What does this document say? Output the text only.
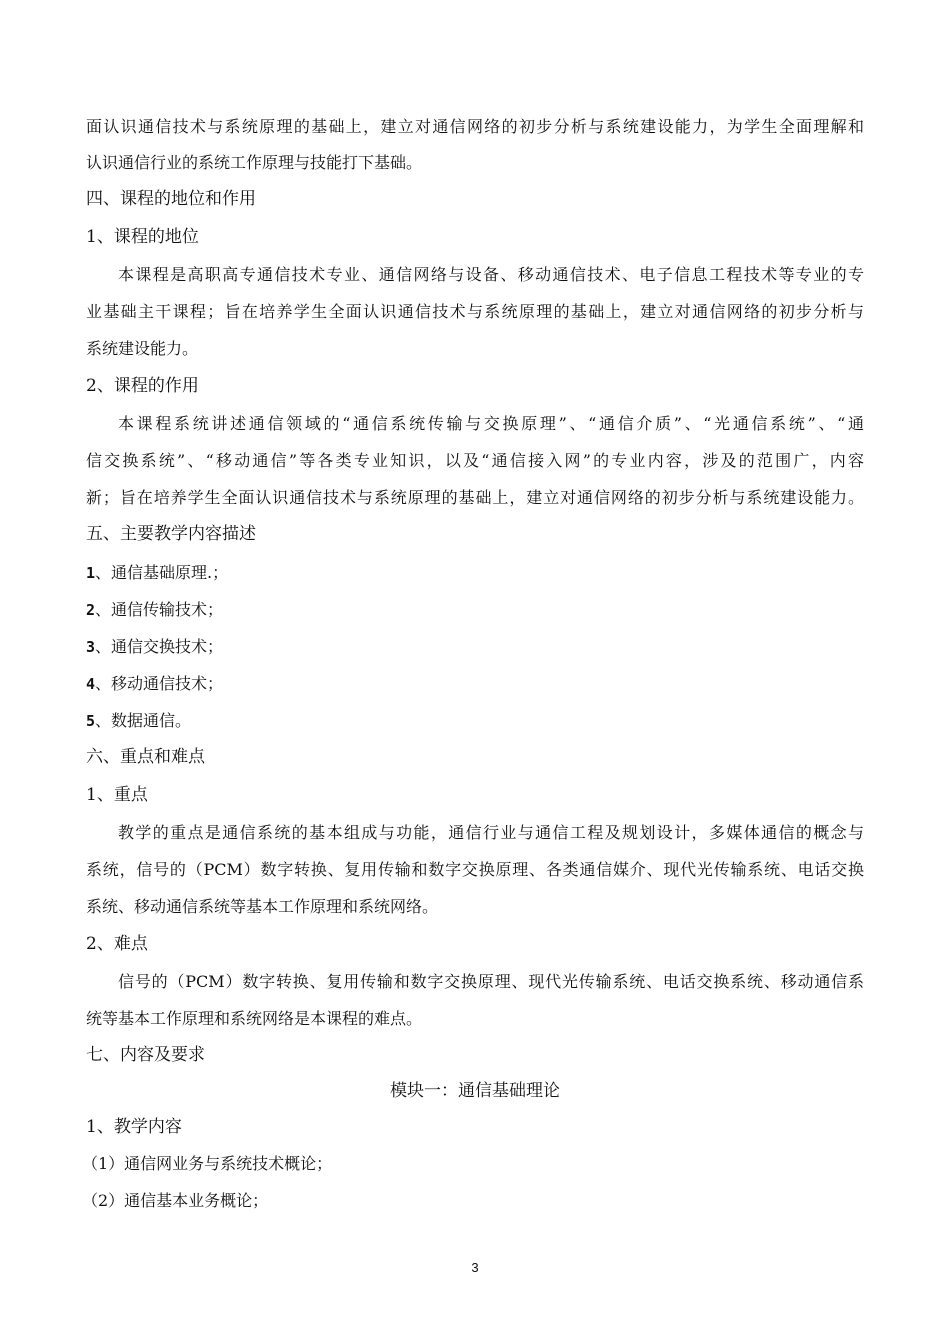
面认识通信技术与系统原理的基础上，建立对通信网络的初步分析与系统建设能力，为学生全面理解和
认识通信行业的系统工作原理与技能打下基础。
四、课程的地位和作用
1、课程的地位
本课程是高职高专通信技术专业、通信网络与设备、移动通信技术、电子信息工程技术等专业的专
业基础主干课程；旨在培养学生全面认识通信技术与系统原理的基础上，建立对通信网络的初步分析与
系统建设能力。
2、课程的作用
本课程系统讲述通信领域的“通信系统传输与交换原理”、“通信介质”、“光通信系统”、“通
信交换系统”、“移动通信”等各类专业知识，以及“通信接入网”的专业内容，涉及的范围广，内容
新；旨在培养学生全面认识通信技术与系统原理的基础上，建立对通信网络的初步分析与系统建设能力。
五、主要教学内容描述
1、通信基础原理.；
2、通信传输技术；
3、通信交换技术；
4、移动通信技术；
5、数据通信。
六、重点和难点
1、重点
教学的重点是通信系统的基本组成与功能，通信行业与通信工程及规划设计，多媒体通信的概念与
系统，信号的（PCM）数字转换、复用传输和数字交换原理、各类通信媒介、现代光传输系统、电话交换
系统、移动通信系统等基本工作原理和系统网络。
2、难点
信号的（PCM）数字转换、复用传输和数字交换原理、现代光传输系统、电话交换系统、移动通信系
统等基本工作原理和系统网络是本课程的难点。
七、内容及要求
模块一：通信基础理论
1、教学内容
（1）通信网业务与系统技术概论；
（2）通信基本业务概论；
3
